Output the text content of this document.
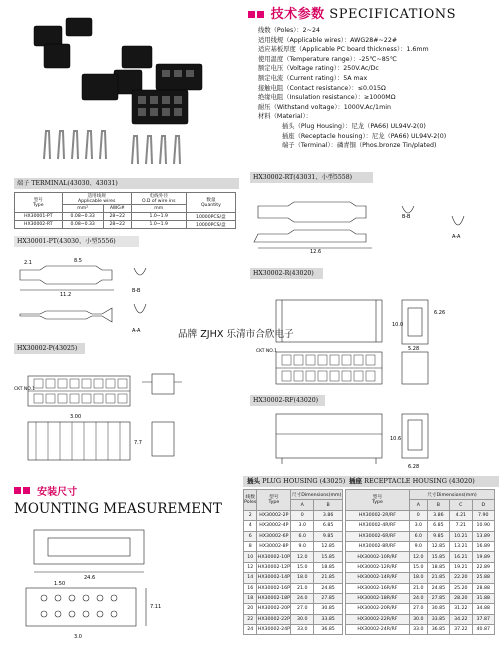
技术参数 SPECIFICATIONS
线数（Poles）：2~24
适用线规（Applicable wires）：AWG28#~22#
适应基板厚度（Applicable PC board thickness）：1.6mm
使用温度（Temperature range）：-25℃~85℃
额定电压（Voltage rating）：250V.Ac/Dc
额定电流（Current rating）：5A max
接触电阻（Contact resistance）：≤0.015Ω
绝缘电阻（Insulation resistance）：≥1000MΩ
耐压（Withstand voltage）：1000V.Ac/1min
材料（Material）：
插头（Plug Housing）：尼龙（PA66) UL94V-2(0)
插座（Receptacle housing）：尼龙（PA66) UL94V-2(0)
端子（Terminal）：磷青铜（Phos.bronze Tin/plated)
端子 TERMINAL(43030、43031)
型号
Type	适用线规
Applicable wires		电线外径
O.D of wire ins	数量
Quantity
	mm²	AWG#	mm	
HX30001-PT	0.08~0.33	28~22	1.0~1.9	10000PCS/盘
HX30002-RT	0.08~0.33	28~22	1.0~1.9	10000PCS/盘
HX30002-RT(43031、小型5558)
12.6
B-B
A-A
HX30001-PT(43030、小型5556)
2.1	8.5
11.2
B-B
A-A
HX30002-R(43020)
CKT NO.1
10.0
6.26
5.28
品牌 ZJHX 乐清市合欣电子
HX30002-P(43025)
CKT NO.1
3.00
7.7
HX30002-RF(43020)
10.6
6.28
安装尺寸
MOUNTING MEASUREMENT
24.6
1.50
7.11
3.0
插头 PLUG HOUSING (43025)
线数
Poles	型号
Type	尺寸Dimensions(mm)	
		A	B
2	HX30002-2P	0	3.86
4	HX30002-4P	3.0	6.85
6	HX30002-6P	6.0	9.85
8	HX30002-8P	9.0	12.85
10	HX30002-10P	12.0	15.85
12	HX30002-12P	15.0	18.85
14	HX30002-14P	18.0	21.85
16	HX30002-16P	21.0	24.85
18	HX30002-18P	24.0	27.85
20	HX30002-20P	27.0	30.85
22	HX30002-22P	30.0	33.85
24	HX30002-24P	33.0	36.85
插座 RECEPTACLE HOUSING (43020)
型号
Type	尺寸Dimensions(mm)			
	A	B	C	D
HX30002-2R/RF	0	3.86	4.21	7.90
HX30002-4R/RF	3.0	6.85	7.21	10.90
HX30002-6R/RF	6.0	9.85	10.21	13.89
HX30002-8R/RF	9.0	12.85	13.21	16.89
HX30002-10R/RF	12.0	15.85	16.21	19.89
HX30002-12R/RF	15.0	18.85	19.21	22.89
HX30002-14R/RF	18.0	21.85	22.20	25.88
HX30002-16R/RF	21.0	24.85	25.20	28.88
HX30002-18R/RF	24.0	27.85	28.20	31.88
HX30002-20R/RF	27.0	30.85	31.22	34.88
HX30002-22R/RF	30.0	33.85	34.22	37.87
HX30002-24R/RF	33.0	36.85	37.22	40.87
